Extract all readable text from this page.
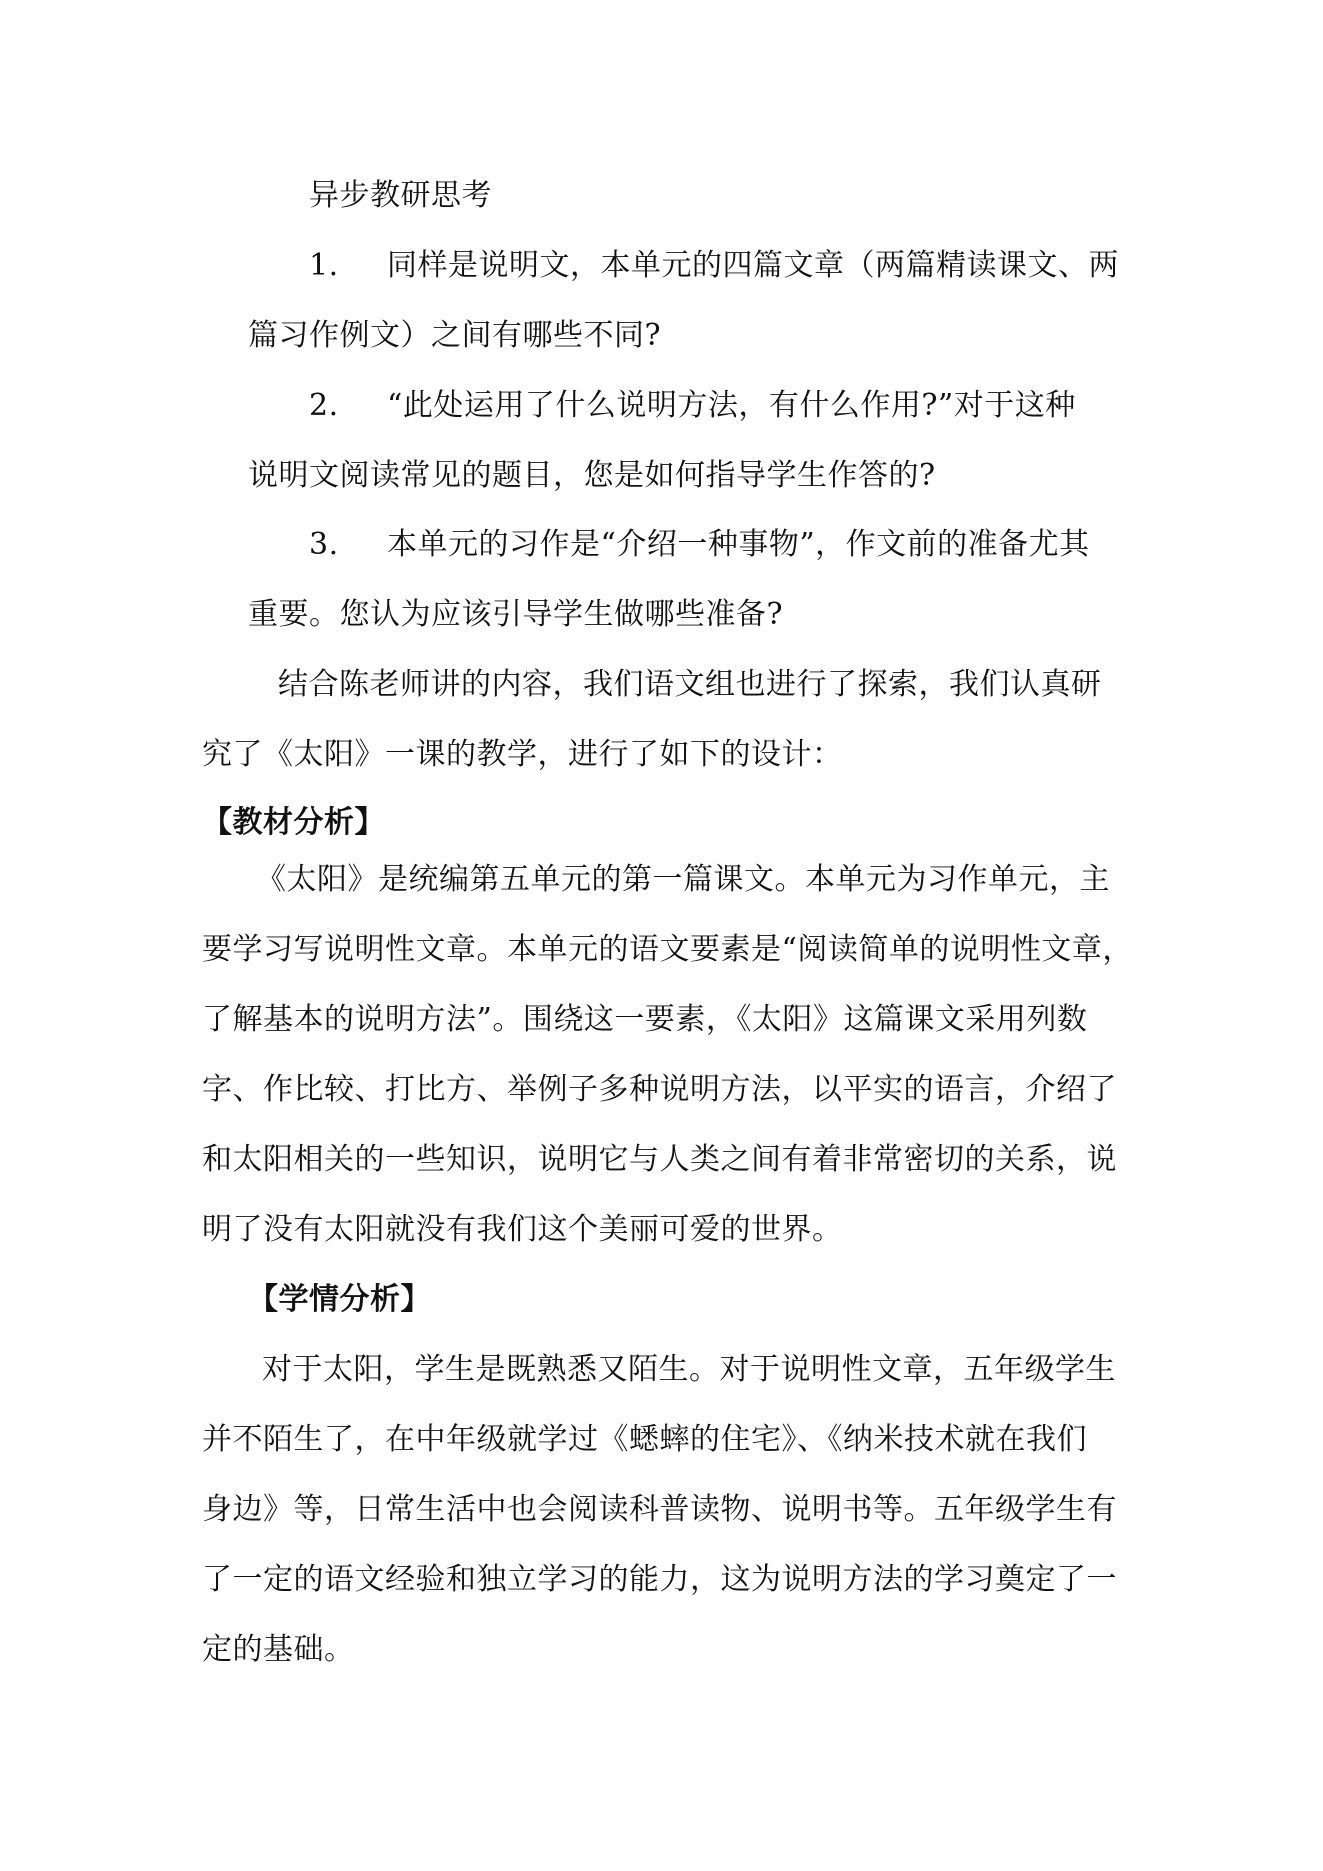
异步教研思考
1. 同样是说明文，本单元的四篇文章（两篇精读课文、两
篇习作例文）之间有哪些不同?
2. “此处运用了什么说明方法，有什么作用?”对于这种
说明文阅读常见的题目，您是如何指导学生作答的?
3. 本单元的习作是“介绍一种事物”，作文前的准备尤其
重要。您认为应该引导学生做哪些准备?
结合陈老师讲的内容，我们语文组也进行了探索，我们认真研
究了《太阳》一课的教学，进行了如下的设计：
【教材分析】
《太阳》是统编第五单元的第一篇课文。本单元为习作单元，主
要学习写说明性文章。本单元的语文要素是“阅读简单的说明性文章，
了解基本的说明方法”。围绕这一要素，《太阳》这篇课文采用列数
字、作比较、打比方、举例子多种说明方法，以平实的语言，介绍了
和太阳相关的一些知识，说明它与人类之间有着非常密切的关系，说
明了没有太阳就没有我们这个美丽可爱的世界。
【学情分析】
对于太阳，学生是既熟悉又陌生。对于说明性文章，五年级学生
并不陌生了，在中年级就学过《蟋蟀的住宅》、《纳米技术就在我们
身边》等，日常生活中也会阅读科普读物、说明书等。五年级学生有
了一定的语文经验和独立学习的能力，这为说明方法的学习奠定了一
定的基础。
